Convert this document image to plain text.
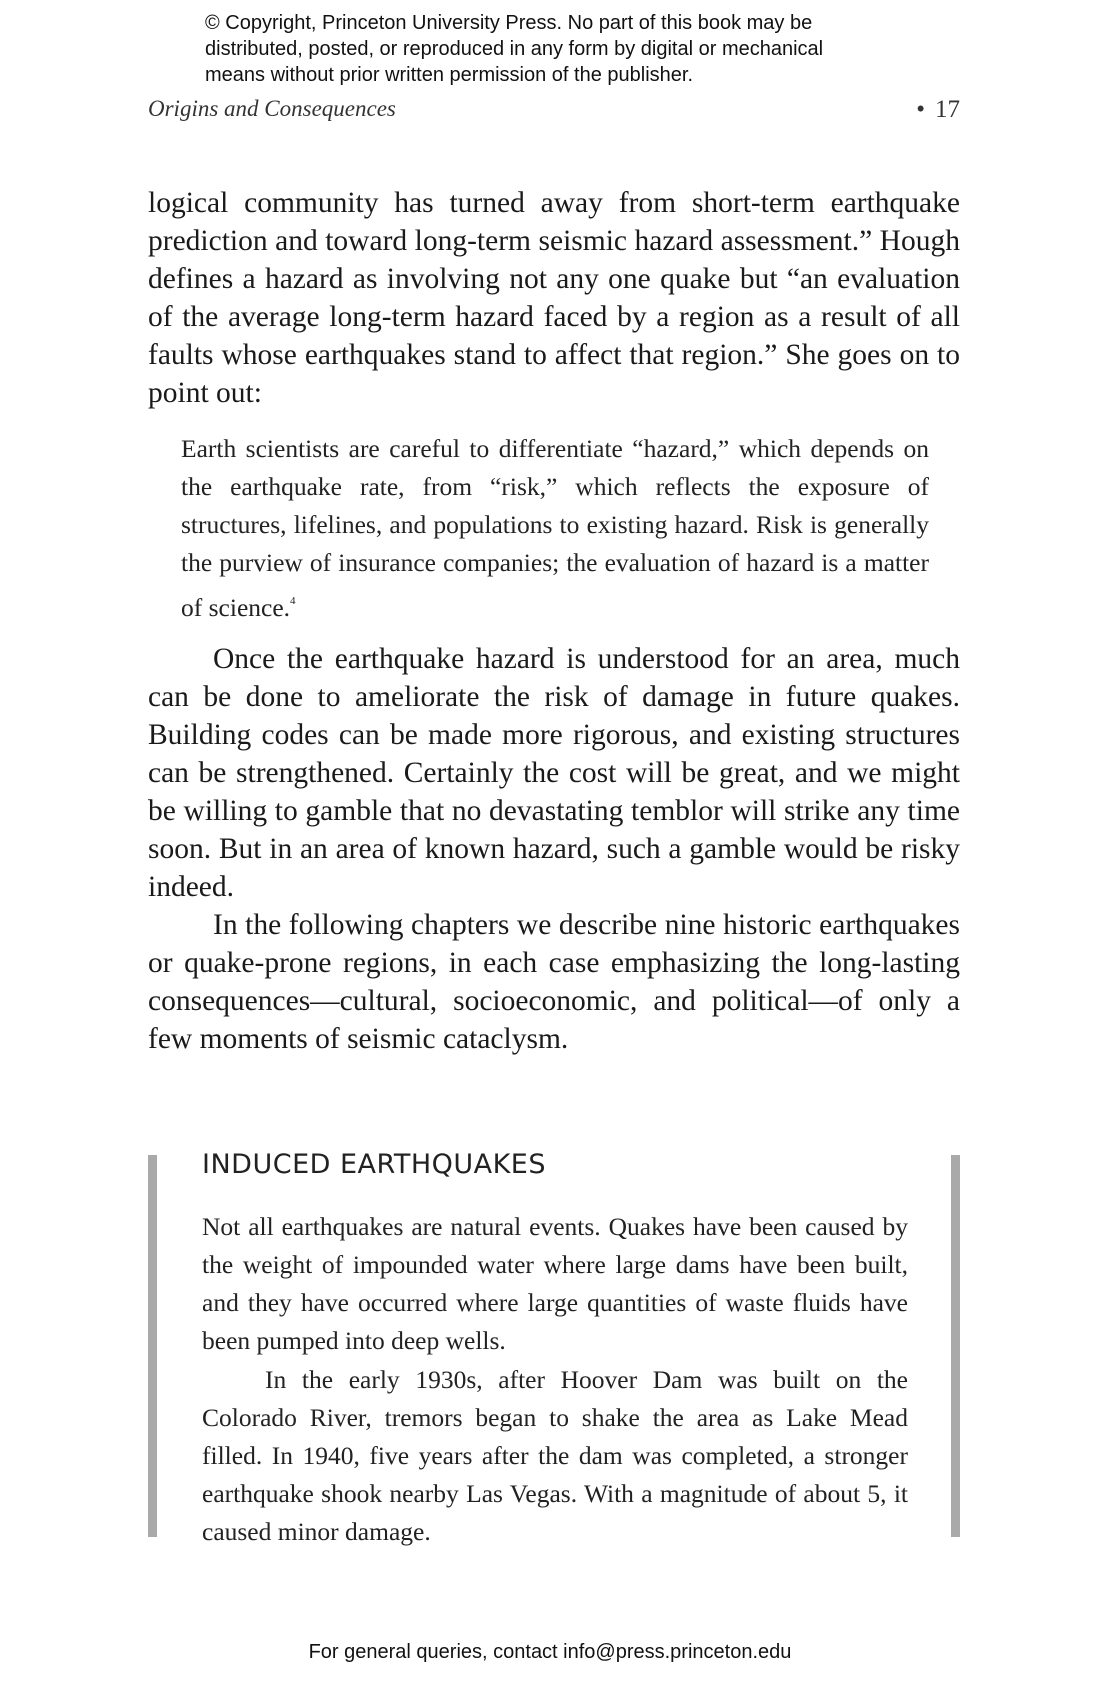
© Copyright, Princeton University Press. No part of this book may be
distributed, posted, or reproduced in any form by digital or mechanical
means without prior written permission of the publisher.
Origins and Consequences	• 17

logical community has turned away from short-term earthquake prediction and toward long-term seismic hazard assessment.” Hough defines a hazard as involving not any one quake but “an evaluation of the average long-term hazard faced by a region as a result of all faults whose earthquakes stand to affect that region.” She goes on to point out:

Earth scientists are careful to differentiate “hazard,” which depends on the earthquake rate, from “risk,” which reflects the exposure of structures, lifelines, and populations to existing hazard. Risk is generally the purview of insurance companies; the evaluation of hazard is a matter of science.$^4$

Once the earthquake hazard is understood for an area, much can be done to ameliorate the risk of damage in future quakes. Building codes can be made more rigorous, and existing structures can be strengthened. Certainly the cost will be great, and we might be willing to gamble that no devastating temblor will strike any time soon. But in an area of known hazard, such a gamble would be risky indeed.

In the following chapters we describe nine historic earthquakes or quake-prone regions, in each case emphasizing the long-lasting consequences—cultural, socioeconomic, and political—of only a few moments of seismic cataclysm.

INDUCED EARTHQUAKES

Not all earthquakes are natural events. Quakes have been caused by the weight of impounded water where large dams have been built, and they have occurred where large quantities of waste fluids have been pumped into deep wells.

In the early 1930s, after Hoover Dam was built on the Colorado River, tremors began to shake the area as Lake Mead filled. In 1940, five years after the dam was completed, a stronger earthquake shook nearby Las Vegas. With a magnitude of about 5, it caused minor damage.

For general queries, contact info@press.princeton.edu
